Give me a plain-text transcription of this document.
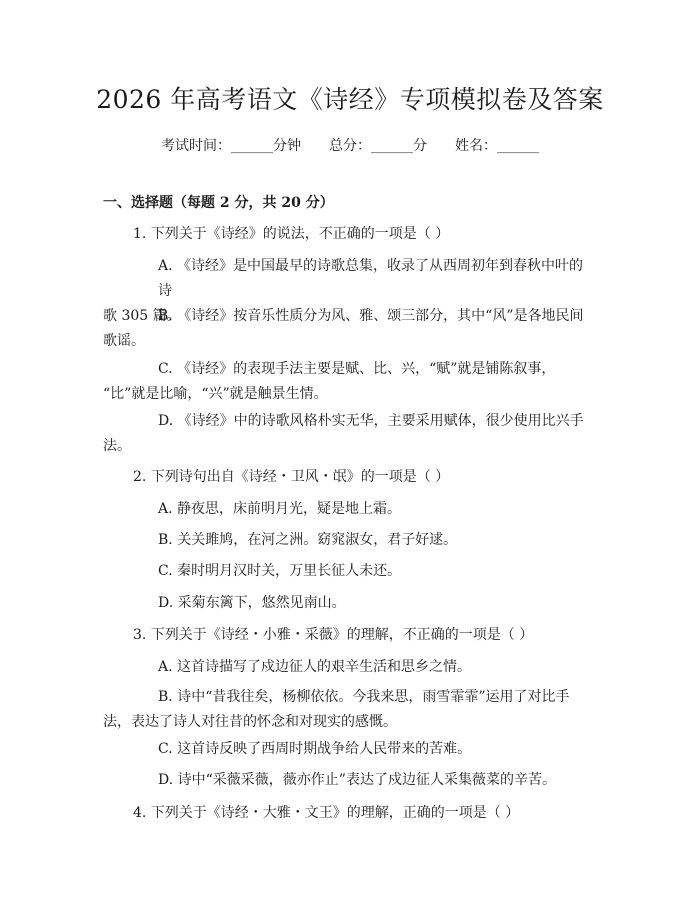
2026 年高考语文《诗经》专项模拟卷及答案
考试时间：______分钟 总分：______分 姓名：______
一、选择题（每题 2 分，共 20 分）
1. 下列关于《诗经》的说法，不正确的一项是（ ）
A. 《诗经》是中国最早的诗歌总集，收录了从西周初年到春秋中叶的诗
歌 305 篇。
B. 《诗经》按音乐性质分为风、雅、颂三部分，其中“风”是各地民间
歌谣。
C. 《诗经》的表现手法主要是赋、比、兴，“赋”就是铺陈叙事，
“比”就是比喻，“兴”就是触景生情。
D. 《诗经》中的诗歌风格朴实无华，主要采用赋体，很少使用比兴手
法。
2. 下列诗句出自《诗经・卫风・氓》的一项是（ ）
A. 静夜思，床前明月光，疑是地上霜。
B. 关关雎鸠，在河之洲。窈窕淑女，君子好逑。
C. 秦时明月汉时关，万里长征人未还。
D. 采菊东篱下，悠然见南山。
3. 下列关于《诗经・小雅・采薇》的理解，不正确的一项是（ ）
A. 这首诗描写了戍边征人的艰辛生活和思乡之情。
B. 诗中“昔我往矣，杨柳依依。今我来思，雨雪霏霏”运用了对比手
法，表达了诗人对往昔的怀念和对现实的感慨。
C. 这首诗反映了西周时期战争给人民带来的苦难。
D. 诗中“采薇采薇，薇亦作止”表达了戍边征人采集薇菜的辛苦。
4. 下列关于《诗经・大雅・文王》的理解，正确的一项是（ ）
